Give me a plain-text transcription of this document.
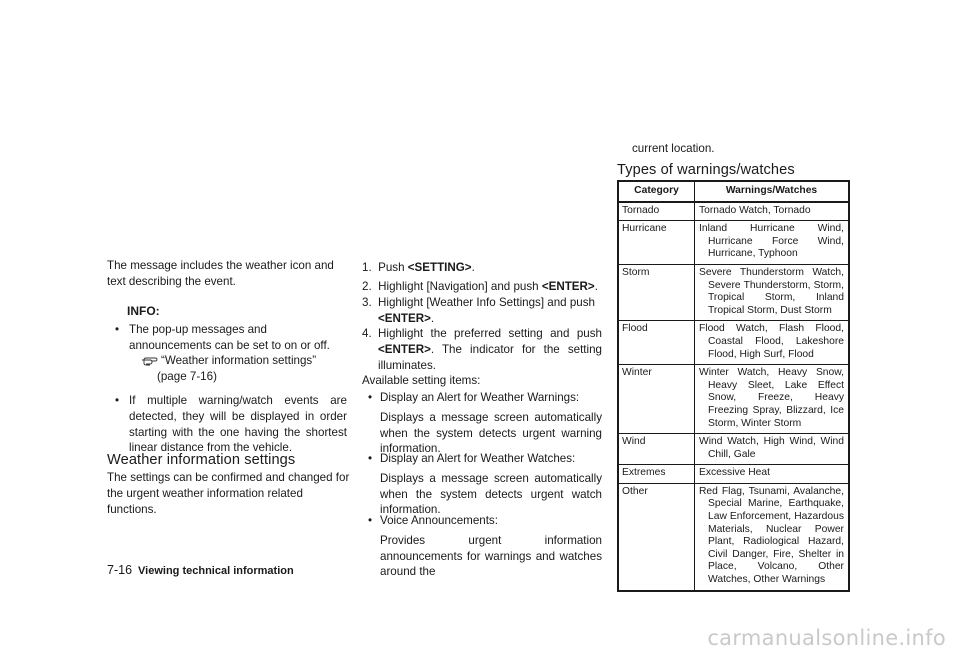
The message includes the weather icon and text describing the event.

INFO:
• The pop-up messages and announcements can be set to on or off.
“Weather information settings”
(page 7-16)
• If multiple warning/watch events are detected, they will be displayed in order starting with the one having the shortest linear distance from the vehicle.
Weather information settings

The settings can be confirmed and changed for the urgent weather information related functions.

1. Push <SETTING>.
2. Highlight [Navigation] and push <ENTER>.
3. Highlight [Weather Info Settings] and push <ENTER>.
4. Highlight the preferred setting and push <ENTER>. The indicator for the setting illuminates.
Available setting items:
• Display an Alert for Weather Warnings:
Displays a message screen automatically when the system detects urgent warning information.
• Display an Alert for Weather Watches:
Displays a message screen automatically when the system detects urgent watch information.
• Voice Announcements:
Provides urgent information announcements for warnings and watches around the
current location.
Types of warnings/watches
Category	Warnings/Watches
Tornado	Tornado Watch, Tornado

Hurricane	Inland Hurricane Wind, Hurricane Force Wind, Hurricane, Typhoon

Storm	Severe Thunderstorm Watch, Severe Thunderstorm, Storm, Tropical Storm, Inland Tropical Storm, Dust Storm

Flood	Flood Watch, Flash Flood, Coastal Flood, Lakeshore Flood, High Surf, Flood

Winter	Winter Watch, Heavy Snow, Heavy Sleet, Lake Effect Snow, Freeze, Heavy Freezing Spray, Blizzard, Ice Storm, Winter Storm

Wind	Wind Watch, High Wind, Wind Chill, Gale

Extremes	Excessive Heat

Other	Red Flag, Tsunami, Avalanche, Special Marine, Earthquake, Law Enforcement, Hazardous Materials, Nuclear Power Plant, Radiological Hazard, Civil Danger, Fire, Shelter in Place, Volcano, Other Watches, Other Warnings
7-16 Viewing technical information
carmanualsonline.info
